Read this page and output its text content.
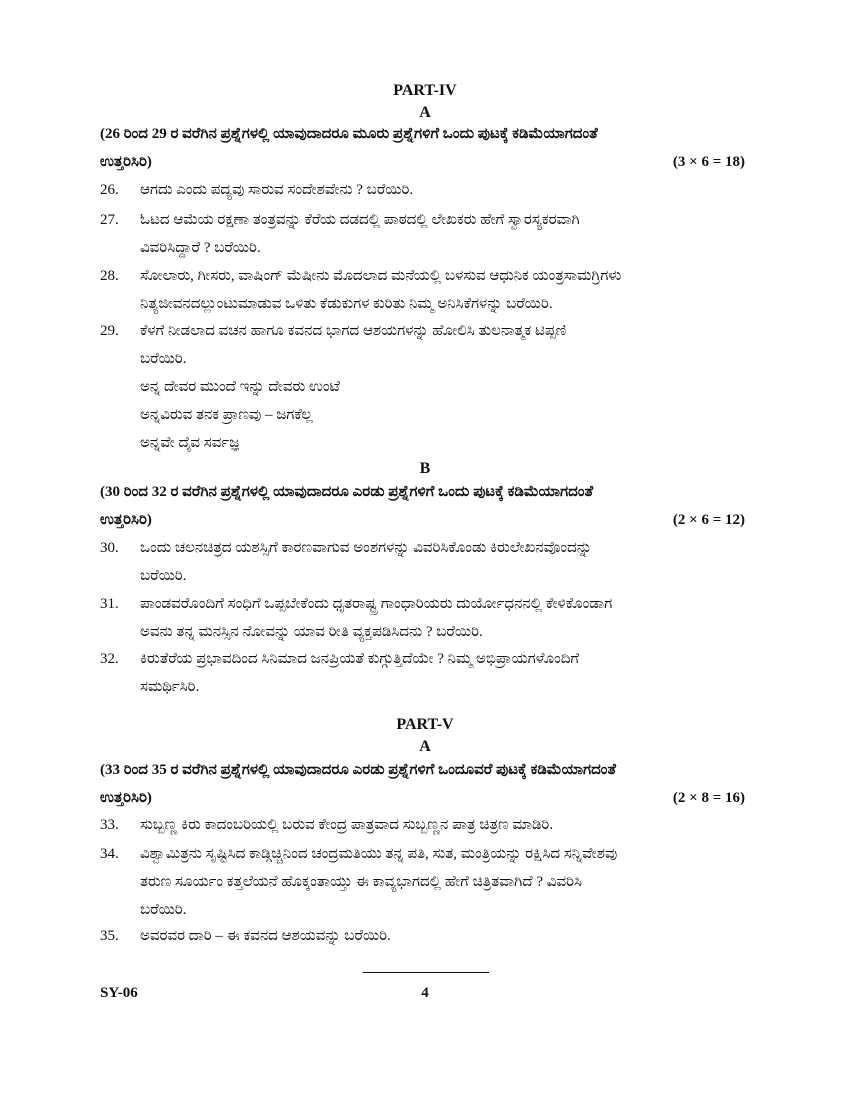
PART-IV
A
(26 ರಿಂದ 29 ರ ವರೆಗಿನ ಪ್ರಶ್ನೆಗಳಲ್ಲಿ ಯಾವುದಾದರೂ ಮೂರು ಪ್ರಶ್ನೆಗಳಿಗೆ ಒಂದು ಪುಟಕ್ಕೆ ಕಡಿಮೆಯಾಗದಂತೆ
ಉತ್ತರಿಸಿರಿ)	(3 × 6 = 18)
26.	ಆಗದು ಎಂದು ಪದ್ಯವು ಸಾರುವ ಸಂದೇಶವೇನು ? ಬರೆಯಿರಿ.
27.	ಓಟದ ಆಮೆಯ ರಕ್ಷಣಾ ತಂತ್ರವನ್ನು ಕೆರೆಯ ದಡದಲ್ಲಿ ಪಾಠದಲ್ಲಿ ಲೇಖಕರು ಹೇಗೆ ಸ್ವಾರಸ್ಯಕರವಾಗಿ
ವಿವರಿಸಿದ್ದಾರೆ ? ಬರೆಯಿರಿ.
28.	ಸೋಲಾರು, ಗೀಸರು, ವಾಷಿಂಗ್ ಮೆಷೀನು ಮೊದಲಾದ ಮನೆಯಲ್ಲಿ ಬಳಸುವ ಆಧುನಿಕ ಯಂತ್ರಸಾಮಗ್ರಿಗಳು
ನಿತ್ಯಜೀವನದಲ್ಲುಂಟುಮಾಡುವ ಒಳಿತು ಕೆಡುಕುಗಳ ಕುರಿತು ನಿಮ್ಮ ಅನಿಸಿಕೆಗಳನ್ನು ಬರೆಯಿರಿ.
29.	ಕೆಳಗೆ ನೀಡಲಾದ ವಚನ ಹಾಗೂ ಕವನದ ಭಾಗದ ಆಶಯಗಳನ್ನು ಹೋಲಿಸಿ ತುಲನಾತ್ಮಕ ಟಿಪ್ಪಣಿ
ಬರೆಯಿರಿ.
ಅನ್ನ ದೇವರ ಮುಂದೆ ಇನ್ನು ದೇವರು ಉಂಟೆ
ಅನ್ನವಿರುವ ತನಕ ಪ್ರಾಣವು – ಜಗಕೆಲ್ಲ
ಅನ್ನವೇ ದೈವ ಸರ್ವಜ್ಞ
B
(30 ರಿಂದ 32 ರ ವರೆಗಿನ ಪ್ರಶ್ನೆಗಳಲ್ಲಿ ಯಾವುದಾದರೂ ಎರಡು ಪ್ರಶ್ನೆಗಳಿಗೆ ಒಂದು ಪುಟಕ್ಕೆ ಕಡಿಮೆಯಾಗದಂತೆ
ಉತ್ತರಿಸಿರಿ)	(2 × 6 = 12)
30.	ಒಂದು ಚಲನಚಿತ್ರದ ಯಶಸ್ಸಿಗೆ ಕಾರಣವಾಗುವ ಅಂಶಗಳನ್ನು ವಿವರಿಸಿಕೊಂಡು ಕಿರುಲೇಖನವೊಂದನ್ನು
ಬರೆಯಿರಿ.
31.	ಪಾಂಡವರೊಂದಿಗೆ ಸಂಧಿಗೆ ಒಪ್ಪಬೇಕೆಂದು ಧೃತರಾಷ್ಟ್ರ ಗಾಂಧಾರಿಯರು ದುರ್ಯೋಧನನಲ್ಲಿ ಕೇಳಿಕೊಂಡಾಗ
ಅವನು ತನ್ನ ಮನಸ್ಸಿನ ನೋವನ್ನು ಯಾವ ರೀತಿ ವ್ಯಕ್ತಪಡಿಸಿದನು ? ಬರೆಯಿರಿ.
32.	ಕಿರುತೆರೆಯ ಪ್ರಭಾವದಿಂದ ಸಿನಿಮಾದ ಜನಪ್ರಿಯತೆ ಕುಗ್ಗುತ್ತಿದೆಯೇ ? ನಿಮ್ಮ ಅಭಿಪ್ರಾಯಗಳೊಂದಿಗೆ
ಸಮರ್ಥಿಸಿರಿ.
PART-V
A
(33 ರಿಂದ 35 ರ ವರೆಗಿನ ಪ್ರಶ್ನೆಗಳಲ್ಲಿ ಯಾವುದಾದರೂ ಎರಡು ಪ್ರಶ್ನೆಗಳಿಗೆ ಒಂದೂವರೆ ಪುಟಕ್ಕೆ ಕಡಿಮೆಯಾಗದಂತೆ
ಉತ್ತರಿಸಿರಿ)	(2 × 8 = 16)
33.	ಸುಬ್ಬಣ್ಣ ಕಿರು ಕಾದಂಬರಿಯಲ್ಲಿ ಬರುವ ಕೇಂದ್ರ ಪಾತ್ರವಾದ ಸುಬ್ಬಣ್ಣನ ಪಾತ್ರ ಚಿತ್ರಣ ಮಾಡಿರಿ.
34.	ವಿಶ್ವಾಮಿತ್ರನು ಸೃಷ್ಟಿಸಿದ ಕಾಡ್ಗಿಚ್ಚಿನಿಂದ ಚಂದ್ರಮತಿಯು ತನ್ನ ಪತಿ, ಸುತ, ಮಂತ್ರಿಯನ್ನು ರಕ್ಷಿಸಿದ ಸನ್ನಿವೇಶವು
ತರುಣ ಸೂರ್ಯಂ ಕತ್ತಲೆಯನೆ ಹೊಕ್ಕಂತಾಯ್ತು ಈ ಕಾವ್ಯಭಾಗದಲ್ಲಿ ಹೇಗೆ ಚಿತ್ರಿತವಾಗಿದೆ ? ವಿವರಿಸಿ
ಬರೆಯಿರಿ.
35.	ಅವರವರ ದಾರಿ – ಈ ಕವನದ ಆಶಯವನ್ನು ಬರೆಯಿರಿ.
SY-06	4
